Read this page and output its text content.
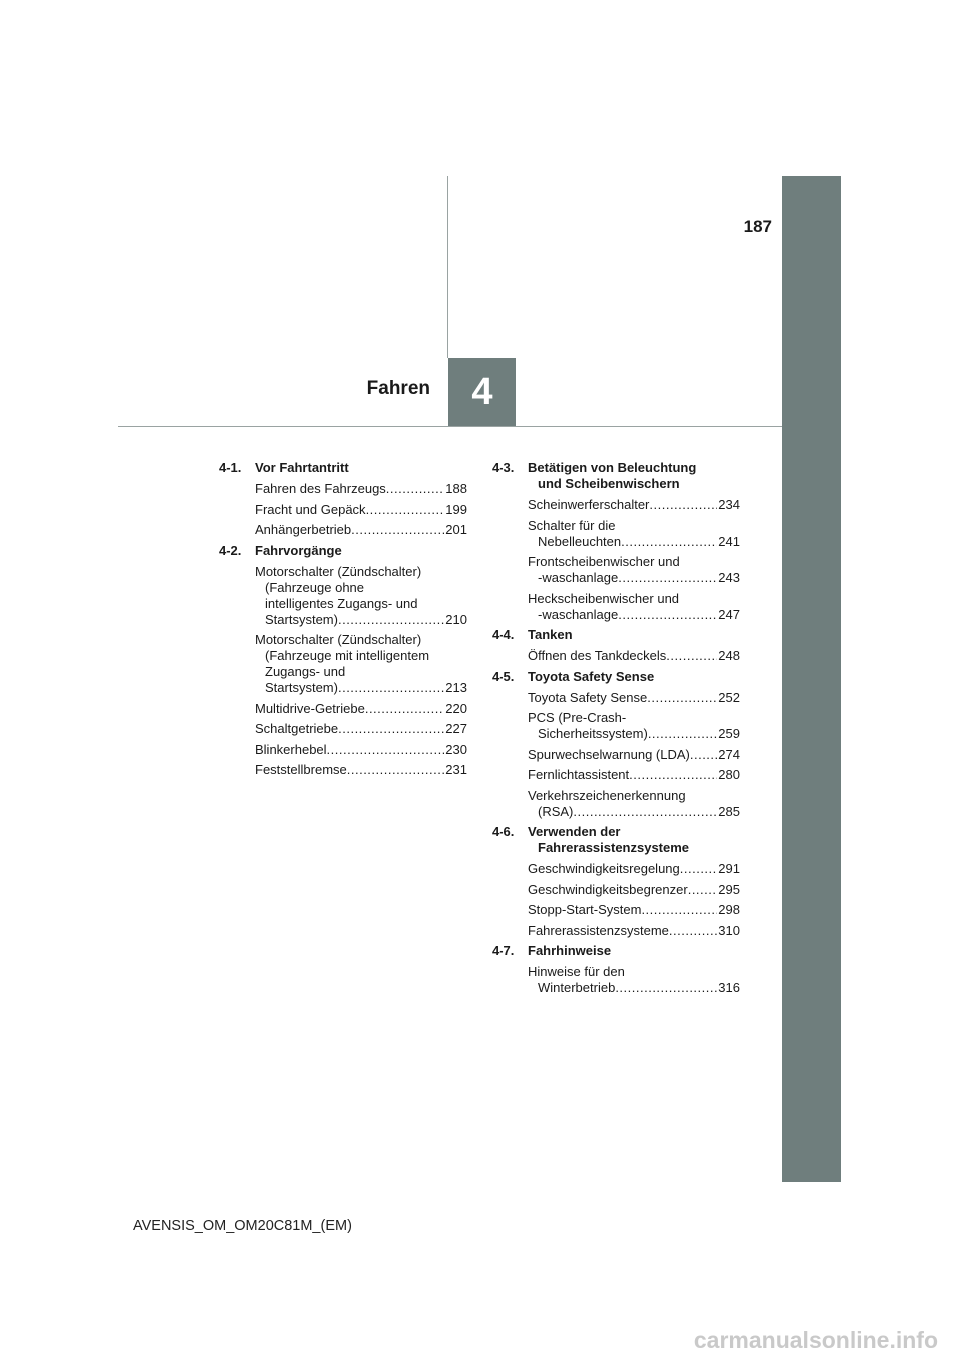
187
Fahren	4
4-1.	Vor Fahrtantritt
Fahren des Fahrzeugs .....	188
Fracht und Gepäck .....	199
Anhängerbetrieb .....	201
4-2.	Fahrvorgänge
Motorschalter (Zündschalter)
(Fahrzeuge ohne
intelligentes Zugangs- und
Startsystem) .....	210
Motorschalter (Zündschalter)
(Fahrzeuge mit intelligentem
Zugangs- und
Startsystem) .....	213
Multidrive-Getriebe .....	220
Schaltgetriebe .....	227
Blinkerhebel .....	230
Feststellbremse .....	231
4-3.	Betätigen von Beleuchtung
und Scheibenwischern
Scheinwerferschalter .....	234
Schalter für die
Nebelleuchten .....	241
Frontscheibenwischer und
-waschanlage .....	243
Heckscheibenwischer und
-waschanlage .....	247
4-4.	Tanken
Öffnen des Tankdeckels .....	248
4-5.	Toyota Safety Sense
Toyota Safety Sense .....	252
PCS (Pre-Crash-
Sicherheitssystem) .....	259
Spurwechselwarnung (LDA) ..... 274
Fernlichtassistent .....	280
Verkehrszeichenerkennung
(RSA) .....	285
4-6.	Verwenden der
Fahrerassistenzsysteme
Geschwindigkeitsregelung .....	291
Geschwindigkeitsbegrenzer ..... 295
Stopp-Start-System .....	298
Fahrerassistenzsysteme .....	310
4-7.	Fahrhinweise
Hinweise für den
Winterbetrieb .....	316
AVENSIS_OM_OM20C81M_(EM)
carmanualsonline.info
